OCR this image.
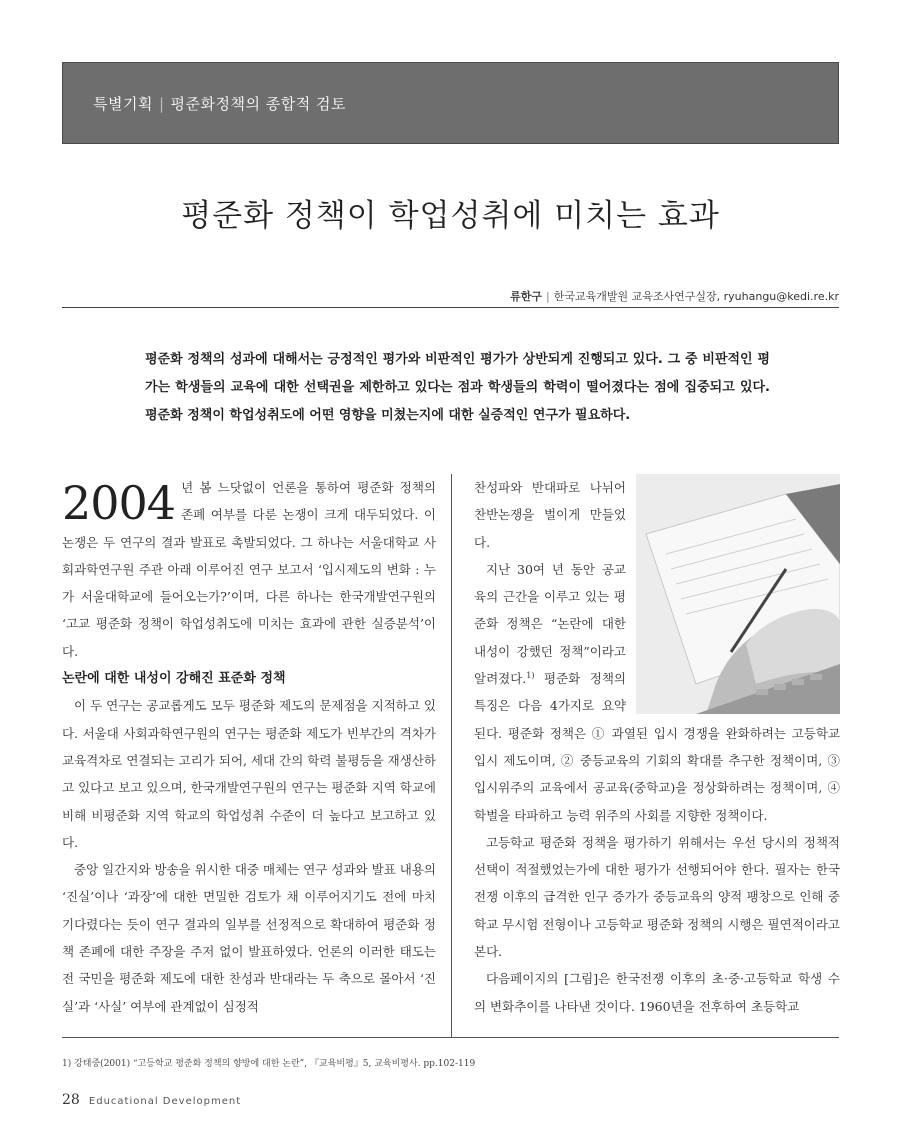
특별기획 | 평준화정책의 종합적 검토
평준화 정책이 학업성취에 미치는 효과
류한구 | 한국교육개발원 교육조사연구실장, ryuhangu@kedi.re.kr
평준화 정책의 성과에 대해서는 긍정적인 평가와 비판적인 평가가 상반되게 진행되고 있다. 그 중 비판적인 평가는 학생들의 교육에 대한 선택권을 제한하고 있다는 점과 학생들의 학력이 떨어졌다는 점에 집중되고 있다. 평준화 정책이 학업성취도에 어떤 영향을 미쳤는지에 대한 실증적인 연구가 필요하다.

2004 년 봄 느닷없이 언론을 통하여 평준화 정책의 존폐 여부를 다룬 논쟁이 크게 대두되었다. 이 논쟁은 두 연구의 결과 발표로 촉발되었다. 그 하나는 서울대학교 사회과학연구원 주관 아래 이루어진 연구 보고서 ‘입시제도의 변화 : 누가 서울대학교에 들어오는가?’이며, 다른 하나는 한국개발연구원의 ‘고교 평준화 정책이 학업성취도에 미치는 효과에 관한 실증분석’이다.

논란에 대한 내성이 강해진 표준화 정책

이 두 연구는 공교롭게도 모두 평준화 제도의 문제점을 지적하고 있다. 서울대 사회과학연구원의 연구는 평준화 제도가 빈부간의 격차가 교육격차로 연결되는 고리가 되어, 세대 간의 학력 불평등을 재생산하고 있다고 보고 있으며, 한국개발연구원의 연구는 평준화 지역 학교에 비해 비평준화 지역 학교의 학업성취 수준이 더 높다고 보고하고 있다.

중앙 일간지와 방송을 위시한 대중 매체는 연구 성과와 발표 내용의 ‘진실’이나 ‘과장’에 대한 면밀한 검토가 채 이루어지기도 전에 마치 기다렸다는 듯이 연구 결과의 일부를 선정적으로 확대하여 평준화 정책 존폐에 대한 주장을 주저 없이 발표하였다. 언론의 이러한 태도는 전 국민을 평준화 제도에 대한 찬성과 반대라는 두 축으로 몰아서 ‘진실’과 ‘사실’ 여부에 관계없이 심정적

찬성파와 반대파로 나뉘어 찬반논쟁을 벌이게 만들었다.

지난 30여 년 동안 공교육의 근간을 이루고 있는 평준화 정책은 “논란에 대한 내성이 강했던 정책”이라고 알려졌다.$^{1)}$ 평준화 정책의 특징은 다음 4가지로 요약된다. 평준화 정책은 ① 과열된 입시 경쟁을 완화하려는 고등학교 입시 제도이며, ② 중등교육의 기회의 확대를 추구한 정책이며, ③ 입시위주의 교육에서 공교육(중학교)을 정상화하려는 정책이며, ④ 학벌을 타파하고 능력 위주의 사회를 지향한 정책이다.

고등학교 평준화 정책을 평가하기 위해서는 우선 당시의 정책적 선택이 적절했었는가에 대한 평가가 선행되어야 한다. 필자는 한국전쟁 이후의 급격한 인구 증가가 중등교육의 양적 팽창으로 인해 중학교 무시험 전형이나 고등학교 평준화 정책의 시행은 필연적이라고 본다.

다음페이지의 [그림]은 한국전쟁 이후의 초·중·고등학교 학생 수의 변화추이를 나타낸 것이다. 1960년을 전후하여 초등학교

1) 강태중(2001) “고등학교 평준화 정책의 향방에 대한 논란”, 『교육비평』5, 교육비평사. pp.102-119
28 Educational Development
